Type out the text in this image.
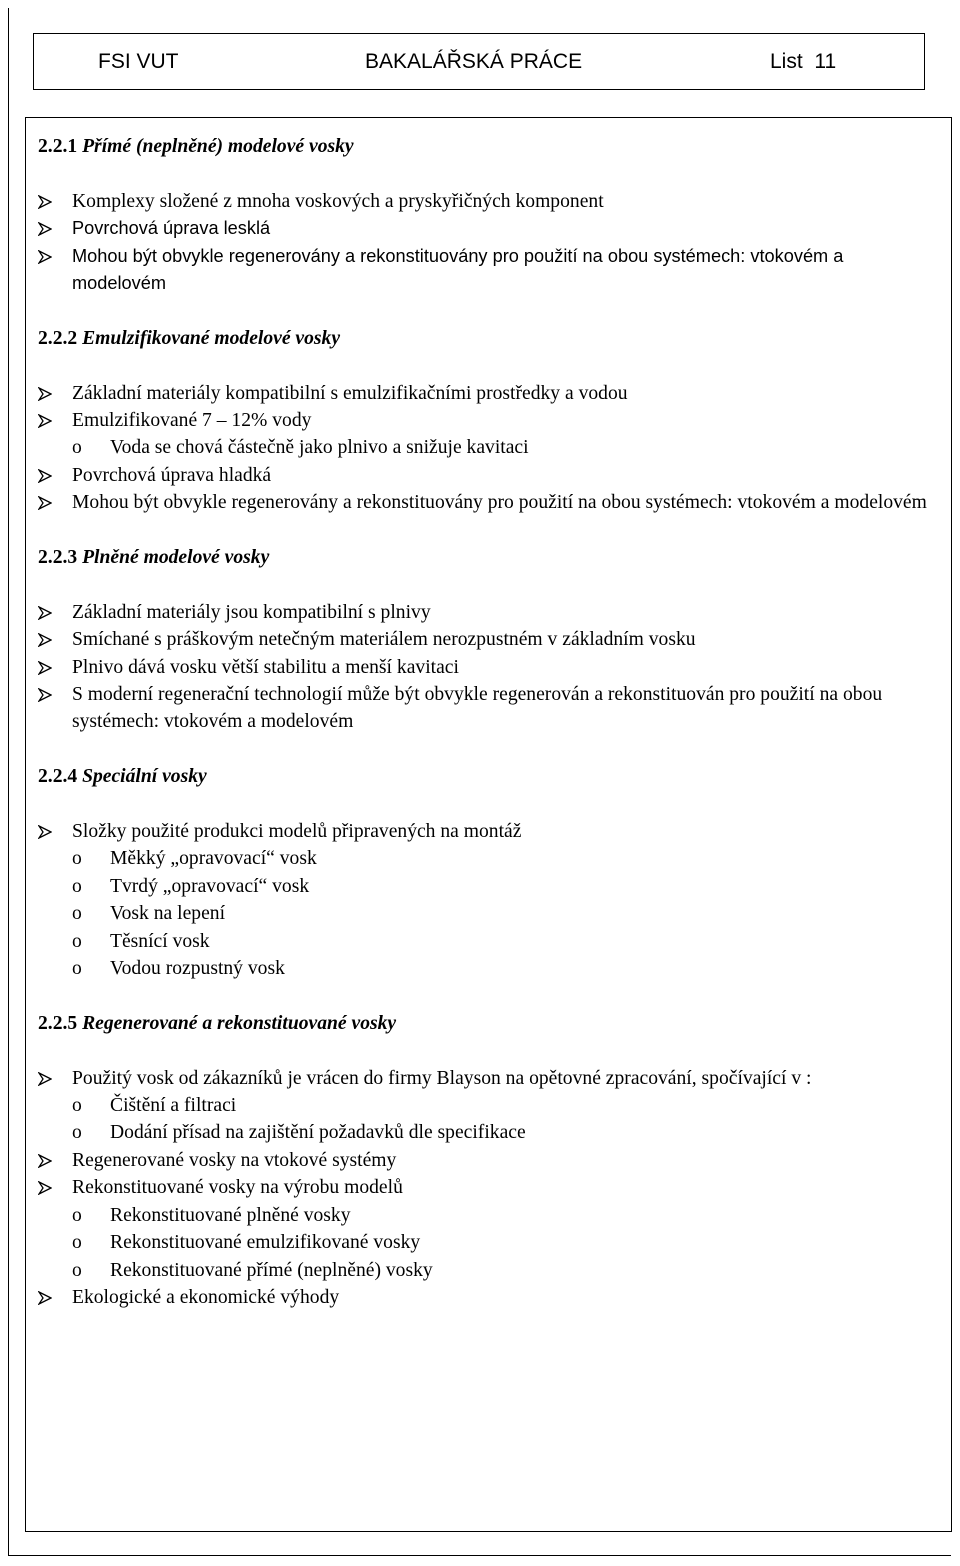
FSI VUT	BAKALÁŘSKÁ PRÁCE	List  11
2.2.1 Přímé (neplněné) modelové vosky
Komplexy složené z mnoha voskových a pryskyřičných komponent
Povrchová úprava lesklá
Mohou být obvykle regenerovány a rekonstituovány pro použití na obou systémech: vtokovém a modelovém
2.2.2 Emulzifikované modelové vosky
Základní materiály kompatibilní s emulzifikačními prostředky a vodou
Emulzifikované 7 – 12% vody
o Voda se chová částečně jako plnivo a snižuje kavitaci
Povrchová úprava hladká
Mohou být obvykle regenerovány a rekonstituovány pro použití na obou systémech: vtokovém a modelovém
2.2.3 Plněné modelové vosky
Základní materiály jsou kompatibilní s plnivy
Smíchané s práškovým netečným materiálem nerozpustném v základním vosku
Plnivo dává vosku větší stabilitu a menší kavitaci
S moderní regenerační technologií může být obvykle regenerován a rekonstituován pro použití na obou systémech: vtokovém a modelovém
2.2.4 Speciální vosky
Složky použité produkci modelů připravených na montáž
o Měkký „opravovací“ vosk
o Tvrdý „opravovací“ vosk
o Vosk na lepení
o Těsnící vosk
o Vodou rozpustný vosk
2.2.5 Regenerované a rekonstituované vosky
Použitý vosk od zákazníků je vrácen do firmy Blayson na opětovné zpracování, spočívající v :
o Čištění a filtraci
o Dodání přísad na zajištění požadavků dle specifikace
Regenerované vosky na vtokové systémy
Rekonstituované vosky na výrobu modelů
o Rekonstituované plněné vosky
o Rekonstituované emulzifikované vosky
o Rekonstituované přímé (neplněné) vosky
Ekologické a ekonomické výhody
